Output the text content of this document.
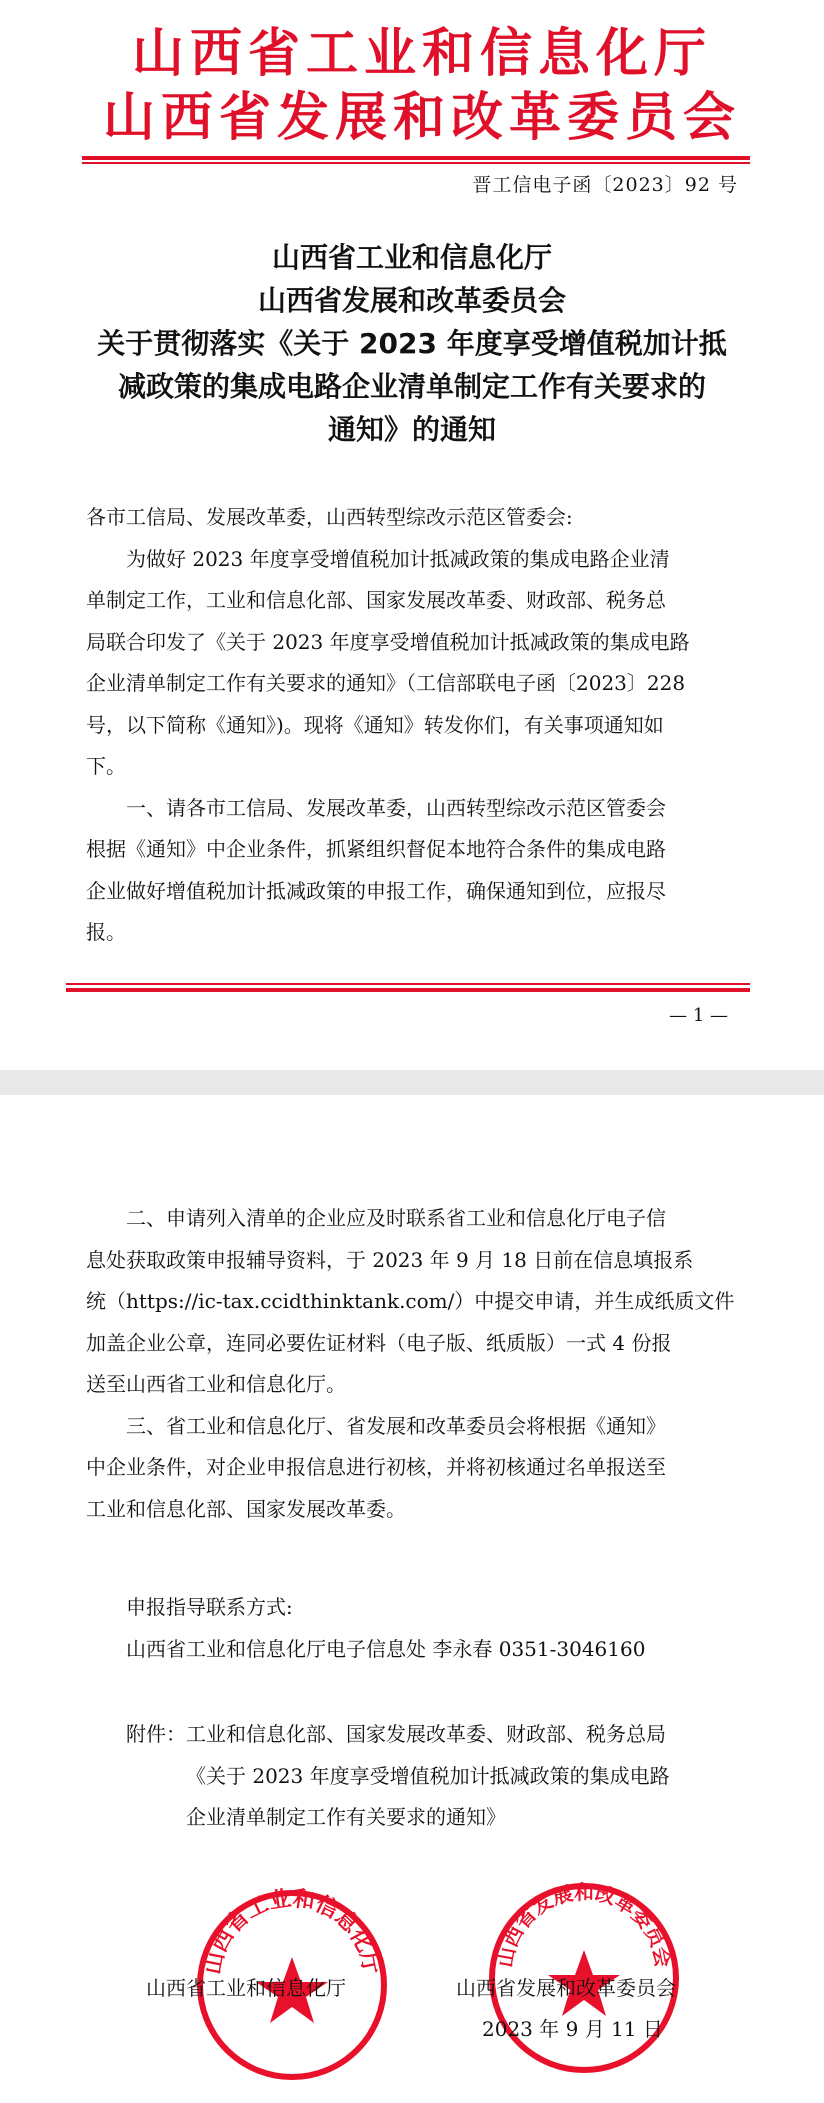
山西省工业和信息化厅
山西省发展和改革委员会
晋工信电子函〔2023〕92 号
山西省工业和信息化厅
山西省发展和改革委员会
关于贯彻落实《关于 2023 年度享受增值税加计抵
减政策的集成电路企业清单制定工作有关要求的
通知》的通知
各市工信局、发展改革委，山西转型综改示范区管委会:
为做好 2023 年度享受增值税加计抵减政策的集成电路企业清
单制定工作，工业和信息化部、国家发展改革委、财政部、税务总
局联合印发了《关于 2023 年度享受增值税加计抵减政策的集成电路
企业清单制定工作有关要求的通知》（工信部联电子函〔2023〕228
号，以下简称《通知》)。现将《通知》转发你们，有关事项通知如
下。
一、请各市工信局、发展改革委，山西转型综改示范区管委会
根据《通知》中企业条件，抓紧组织督促本地符合条件的集成电路
企业做好增值税加计抵减政策的申报工作，确保通知到位，应报尽
报。
— 1 —
二、申请列入清单的企业应及时联系省工业和信息化厅电子信
息处获取政策申报辅导资料，于 2023 年 9 月 18 日前在信息填报系
统（https://ic-tax.ccidthinktank.com/）中提交申请，并生成纸质文件
加盖企业公章，连同必要佐证材料（电子版、纸质版）一式 4 份报
送至山西省工业和信息化厅。
三、省工业和信息化厅、省发展和改革委员会将根据《通知》
中企业条件，对企业申报信息进行初核，并将初核通过名单报送至
工业和信息化部、国家发展改革委。
申报指导联系方式:
山西省工业和信息化厅电子信息处 李永春 0351-3046160
附件：工业和信息化部、国家发展改革委、财政部、税务总局
《关于 2023 年度享受增值税加计抵减政策的集成电路
企业清单制定工作有关要求的通知》
山西省工业和信息化厅	山西省发展和改革委员会
山西省工业和信息化厅	山西省发展和改革委员会
2023 年 9 月 11 日
